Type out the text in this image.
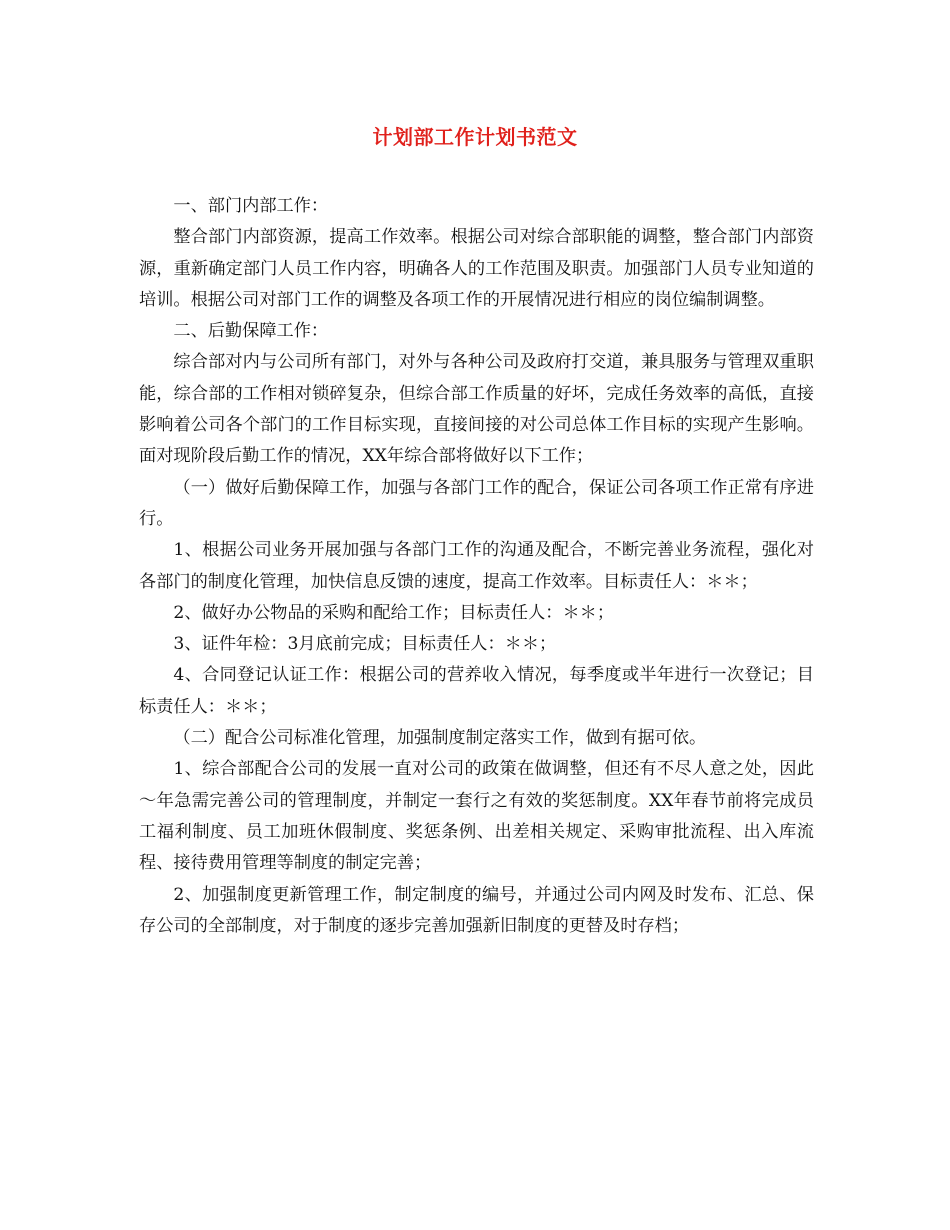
计划部工作计划书范文

一、部门内部工作：

整合部门内部资源，提高工作效率。根据公司对综合部职能的调整，整合部门内部资源，重新确定部门人员工作内容，明确各人的工作范围及职责。加强部门人员专业知道的培训。根据公司对部门工作的调整及各项工作的开展情况进行相应的岗位编制调整。

二、后勤保障工作：

综合部对内与公司所有部门，对外与各种公司及政府打交道，兼具服务与管理双重职能，综合部的工作相对锁碎复杂，但综合部工作质量的好坏，完成任务效率的高低，直接影响着公司各个部门的工作目标实现，直接间接的对公司总体工作目标的实现产生影响。面对现阶段后勤工作的情况，XX年综合部将做好以下工作；

（一）做好后勤保障工作，加强与各部门工作的配合，保证公司各项工作正常有序进行。

1、根据公司业务开展加强与各部门工作的沟通及配合，不断完善业务流程，强化对各部门的制度化管理，加快信息反馈的速度，提高工作效率。目标责任人：＊＊；

2、做好办公物品的采购和配给工作；目标责任人：＊＊；

3、证件年检：3月底前完成；目标责任人：＊＊；

4、合同登记认证工作：根据公司的营养收入情况，每季度或半年进行一次登记；目标责任人：＊＊；

（二）配合公司标准化管理，加强制度制定落实工作，做到有据可依。

1、综合部配合公司的发展一直对公司的政策在做调整，但还有不尽人意之处，因此～年急需完善公司的管理制度，并制定一套行之有效的奖惩制度。XX年春节前将完成员工福利制度、员工加班休假制度、奖惩条例、出差相关规定、采购审批流程、出入库流程、接待费用管理等制度的制定完善；

2、加强制度更新管理工作，制定制度的编号，并通过公司内网及时发布、汇总、保存公司的全部制度，对于制度的逐步完善加强新旧制度的更替及时存档；
